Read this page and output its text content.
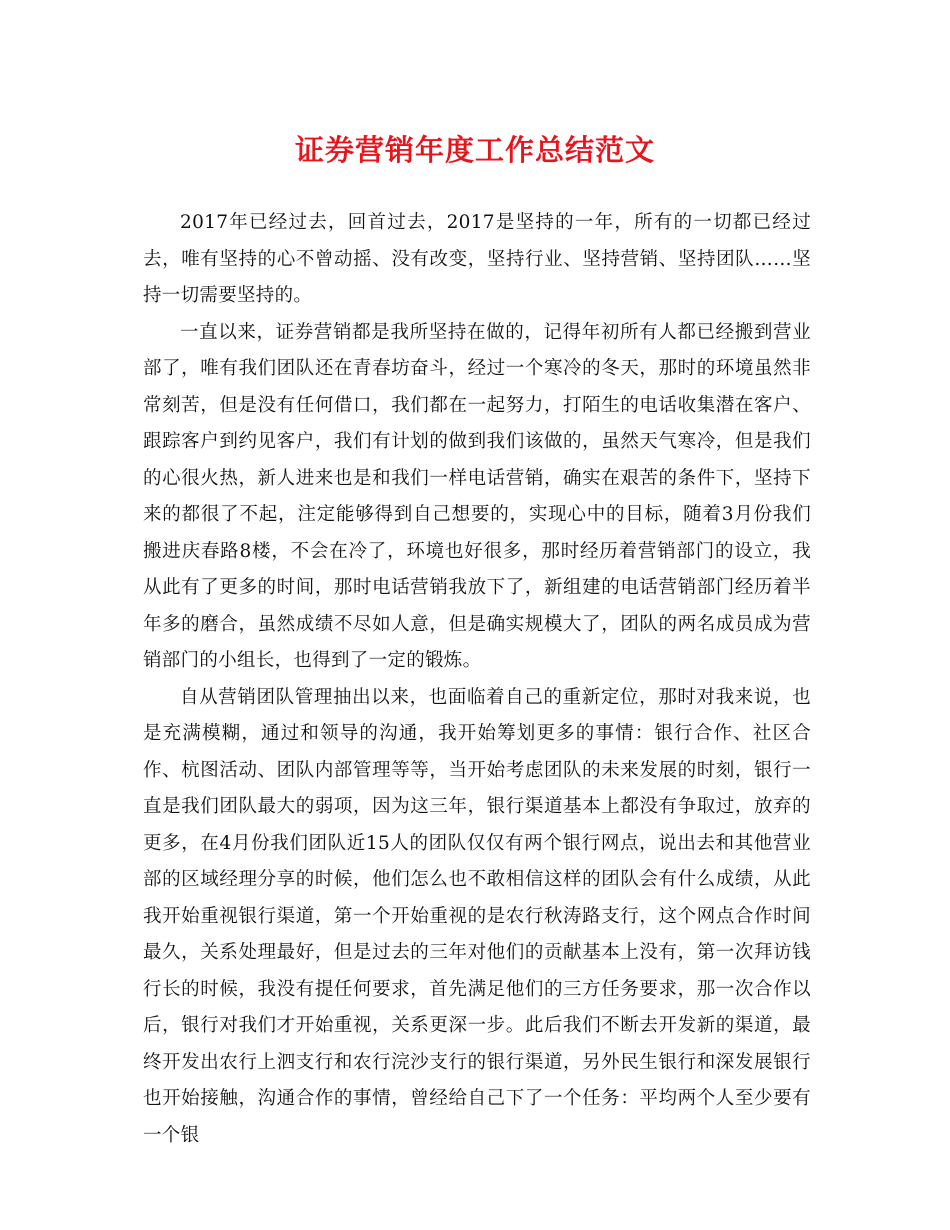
证券营销年度工作总结范文

2017年已经过去，回首过去，2017是坚持的一年，所有的一切都已经过去，唯有坚持的心不曾动摇、没有改变，坚持行业、坚持营销、坚持团队……坚持一切需要坚持的。

一直以来，证券营销都是我所坚持在做的，记得年初所有人都已经搬到营业部了，唯有我们团队还在青春坊奋斗，经过一个寒冷的冬天，那时的环境虽然非常刻苦，但是没有任何借口，我们都在一起努力，打陌生的电话收集潜在客户、跟踪客户到约见客户，我们有计划的做到我们该做的，虽然天气寒冷，但是我们的心很火热，新人进来也是和我们一样电话营销，确实在艰苦的条件下，坚持下来的都很了不起，注定能够得到自己想要的，实现心中的目标，随着3月份我们搬进庆春路8楼，不会在冷了，环境也好很多，那时经历着营销部门的设立，我从此有了更多的时间，那时电话营销我放下了，新组建的电话营销部门经历着半年多的磨合，虽然成绩不尽如人意，但是确实规模大了，团队的两名成员成为营销部门的小组长，也得到了一定的锻炼。

自从营销团队管理抽出以来，也面临着自己的重新定位，那时对我来说，也是充满模糊，通过和领导的沟通，我开始筹划更多的事情：银行合作、社区合作、杭图活动、团队内部管理等等，当开始考虑团队的未来发展的时刻，银行一直是我们团队最大的弱项，因为这三年，银行渠道基本上都没有争取过，放弃的更多，在4月份我们团队近15人的团队仅仅有两个银行网点，说出去和其他营业部的区域经理分享的时候，他们怎么也不敢相信这样的团队会有什么成绩，从此我开始重视银行渠道，第一个开始重视的是农行秋涛路支行，这个网点合作时间最久，关系处理最好，但是过去的三年对他们的贡献基本上没有，第一次拜访钱行长的时候，我没有提任何要求，首先满足他们的三方任务要求，那一次合作以后，银行对我们才开始重视，关系更深一步。此后我们不断去开发新的渠道，最终开发出农行上泗支行和农行浣沙支行的银行渠道，另外民生银行和深发展银行也开始接触，沟通合作的事情，曾经给自己下了一个任务：平均两个人至少要有一个银
